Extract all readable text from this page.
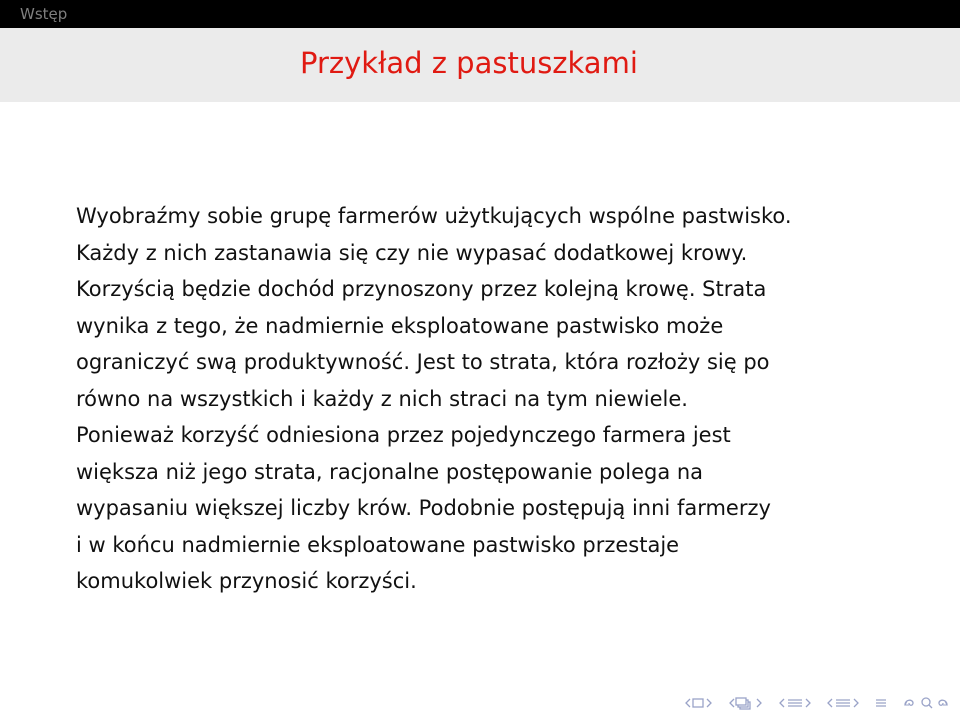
Wstęp
Przykład z pastuszkami
Wyobraźmy sobie grupę farmerów użytkujących wspólne pastwisko.
Każdy z nich zastanawia się czy nie wypasać dodatkowej krowy.
Korzyścią będzie dochód przynoszony przez kolejną krowę. Strata
wynika z tego, że nadmiernie eksploatowane pastwisko może
ograniczyć swą produktywność. Jest to strata, która rozłoży się po
równo na wszystkich i każdy z nich straci na tym niewiele.
Ponieważ korzyść odniesiona przez pojedynczego farmera jest
większa niż jego strata, racjonalne postępowanie polega na
wypasaniu większej liczby krów. Podobnie postępują inni farmerzy
i w końcu nadmiernie eksploatowane pastwisko przestaje
komukolwiek przynosić korzyści.
